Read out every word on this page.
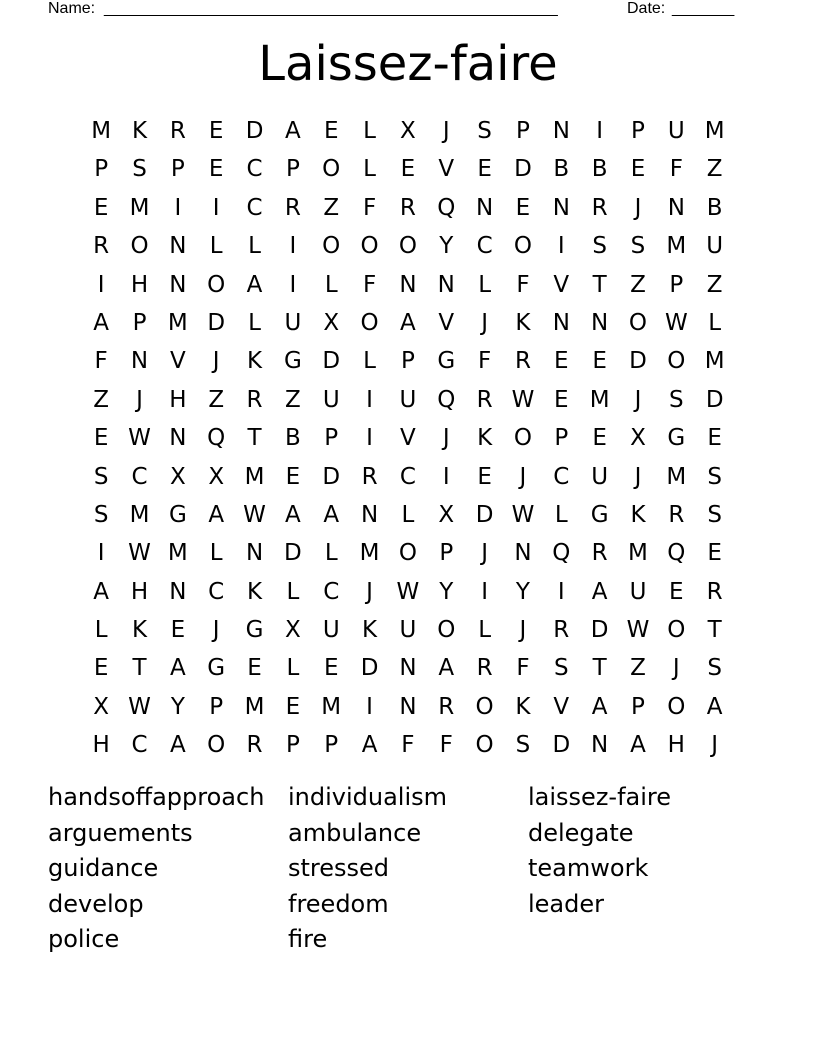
Name: ___________________________________________________	Date: _______
Laissez-faire
M K R	E D A	E	L	X	J	S	P N	I	P U M
P	S	P	E	C	P O L	E	V	E D B B	E	F	Z
E M	I	I	C R Z	F	R Q N E N R	J	N B
R O N	L	L	I	O O O Y	C O	I	S	S M U
I	H N O A	I	L	F	N N	L	F	V	T	Z	P	Z
A	P M D	L	U X O A V	J	K N N O W L
F	N V	J	K G D	L	P G F	R	E	E D O M
Z	J	H Z R Z U	I	U Q R W E M	J	S D
E W N Q T	B	P	I	V	J	K O P	E	X G E
S	C X X M E D R C	I	E	J	C U	J	M S
S M G A W A A N	L	X D W L	G K R	S
I	W M L	N D	L M O P	J	N Q R M Q E
A H N C K	L	C	J	W Y	I	Y	I	A U E	R
L	K	E	J	G X U K U O L	J	R D W O T
E	T	A G E	L	E D N A R	F	S	T	Z	J	S
X W Y	P M E M	I	N R O K V A	P O A
H C A O R	P	P	A	F	F O S D N A H	J
handsoffapproach individualism	laissez-faire
arguements	ambulance	delegate
guidance	stressed	teamwork
develop	freedom	leader
police	fire
